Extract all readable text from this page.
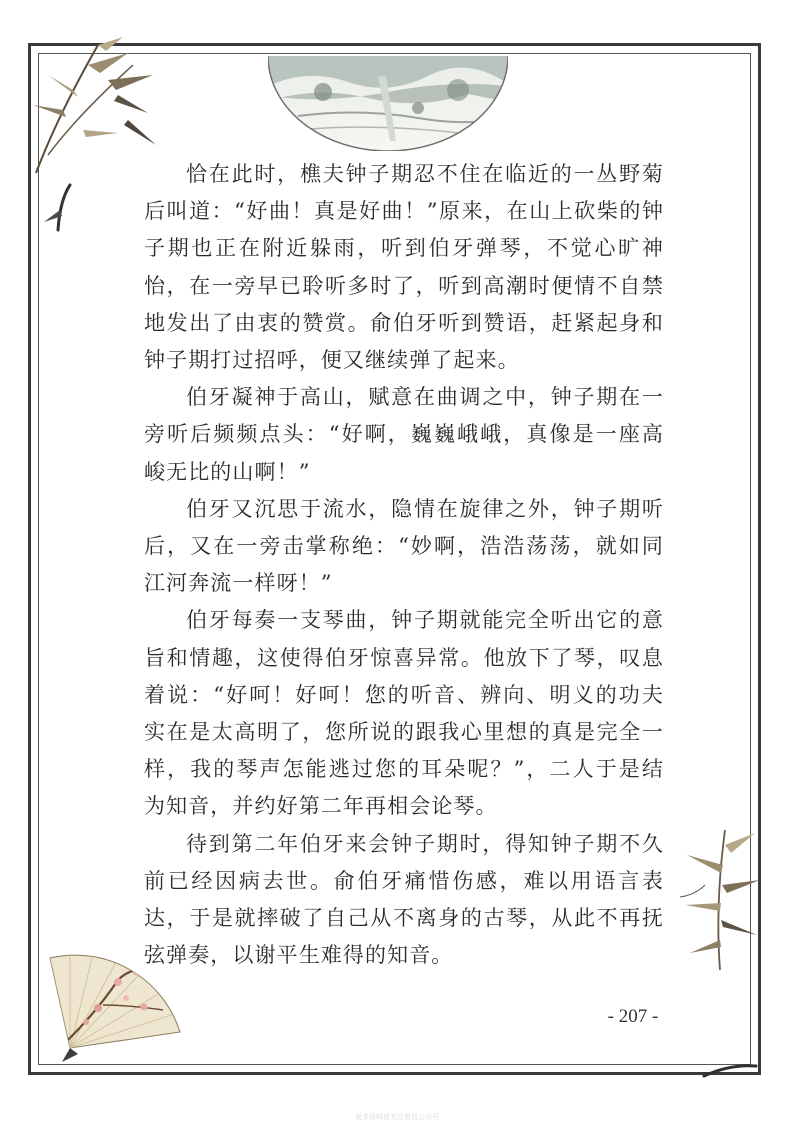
恰在此时，樵夫钟子期忍不住在临近的一丛野菊后叫道：“好曲！真是好曲！”原来，在山上砍柴的钟子期也正在附近躲雨，听到伯牙弹琴，不觉心旷神怡，在一旁早已聆听多时了，听到高潮时便情不自禁地发出了由衷的赞赏。俞伯牙听到赞语，赶紧起身和钟子期打过招呼，便又继续弹了起来。

伯牙凝神于高山，赋意在曲调之中，钟子期在一旁听后频频点头：“好啊，巍巍峨峨，真像是一座高峻无比的山啊！”

伯牙又沉思于流水，隐情在旋律之外，钟子期听后，又在一旁击掌称绝：“妙啊，浩浩荡荡，就如同江河奔流一样呀！”

伯牙每奏一支琴曲，钟子期就能完全听出它的意旨和情趣，这使得伯牙惊喜异常。他放下了琴，叹息着说：“好呵！好呵！您的听音、辨向、明义的功夫实在是太高明了，您所说的跟我心里想的真是完全一样，我的琴声怎能逃过您的耳朵呢？”，二人于是结为知音，并约好第二年再相会论琴。

待到第二年伯牙来会钟子期时，得知钟子期不久前已经因病去世。俞伯牙痛惜伤感，难以用语言表达，于是就摔破了自己从不离身的古琴，从此不再抚弦弹奏，以谢平生难得的知音。

- 207 -
更多资料请关注微信公众号
